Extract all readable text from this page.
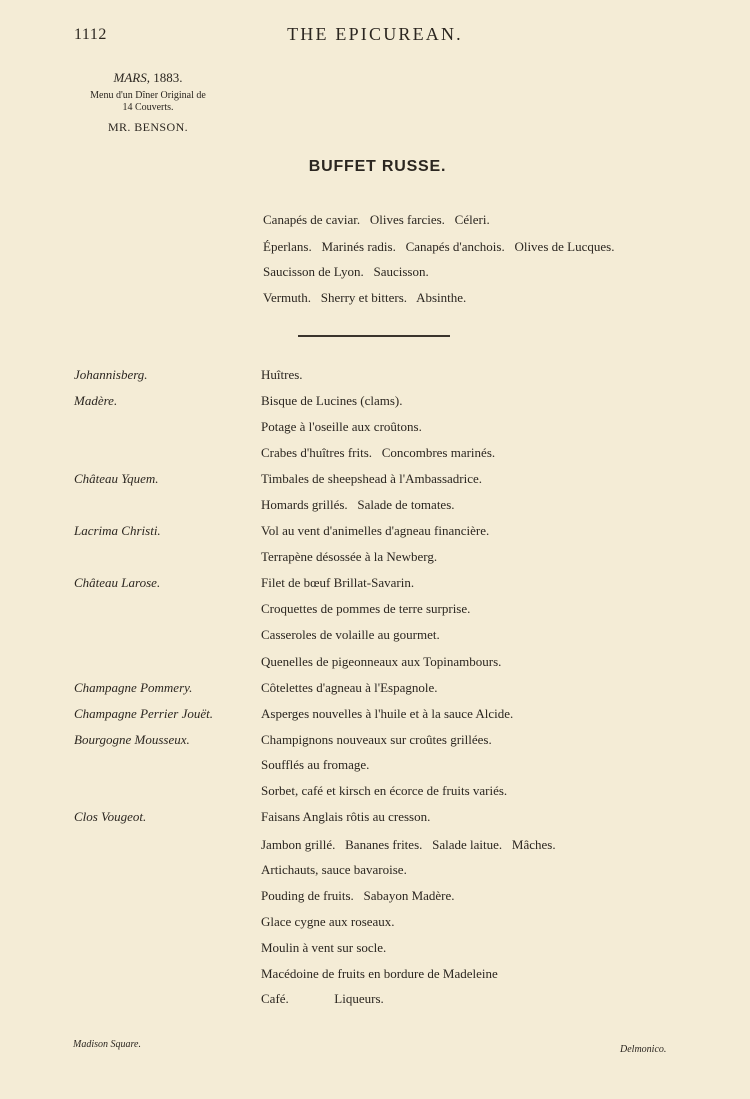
1112	THE EPICUREAN.
MARS, 1883.
Menu d'un Dîner Original de
14 Couverts.
MR. BENSON.
BUFFET RUSSE.
Canapés de caviar.   Olives farcies.   Céleri.
Éperlans.   Marinés radis.   Canapés d'anchois.   Olives de Lucques.
Saucisson de Lyon.   Saucisson.
Vermuth.   Sherry et bitters.   Absinthe.
Johannisberg.
Madère.
Château Yquem.
Lacrima Christi.
Château Larose.
Champagne Pommery.
Champagne Perrier Jouët.
Bourgogne Mousseux.
Clos Vougeot.
Huîtres.
Bisque de Lucines (clams).
Potage à l'oseille aux croûtons.
Crabes d'huîtres frits.   Concombres marinés.
Timbales de sheepshead à l'Ambassadrice.
Homards grillés.   Salade de tomates.
Vol au vent d'animelles d'agneau financière.
Terrapène désossée à la Newberg.
Filet de bœuf Brillat-Savarin.
Croquettes de pommes de terre surprise.
Casseroles de volaille au gourmet.
Quenelles de pigeonneaux aux Topinambours.
Côtelettes d'agneau à l'Espagnole.
Asperges nouvelles à l'huile et à la sauce Alcide.
Champignons nouveaux sur croûtes grillées.
Soufflés au fromage.
Sorbet, café et kirsch en écorce de fruits variés.
Faisans Anglais rôtis au cresson.
Jambon grillé.   Bananes frites.   Salade laitue.   Mâches.
Artichauts, sauce bavaroise.
Pouding de fruits.   Sabayon Madère.
Glace cygne aux roseaux.
Moulin à vent sur socle.
Macédoine de fruits en bordure de Madeleine
Café.              Liqueurs.
Madison Square.	Delmonico.
